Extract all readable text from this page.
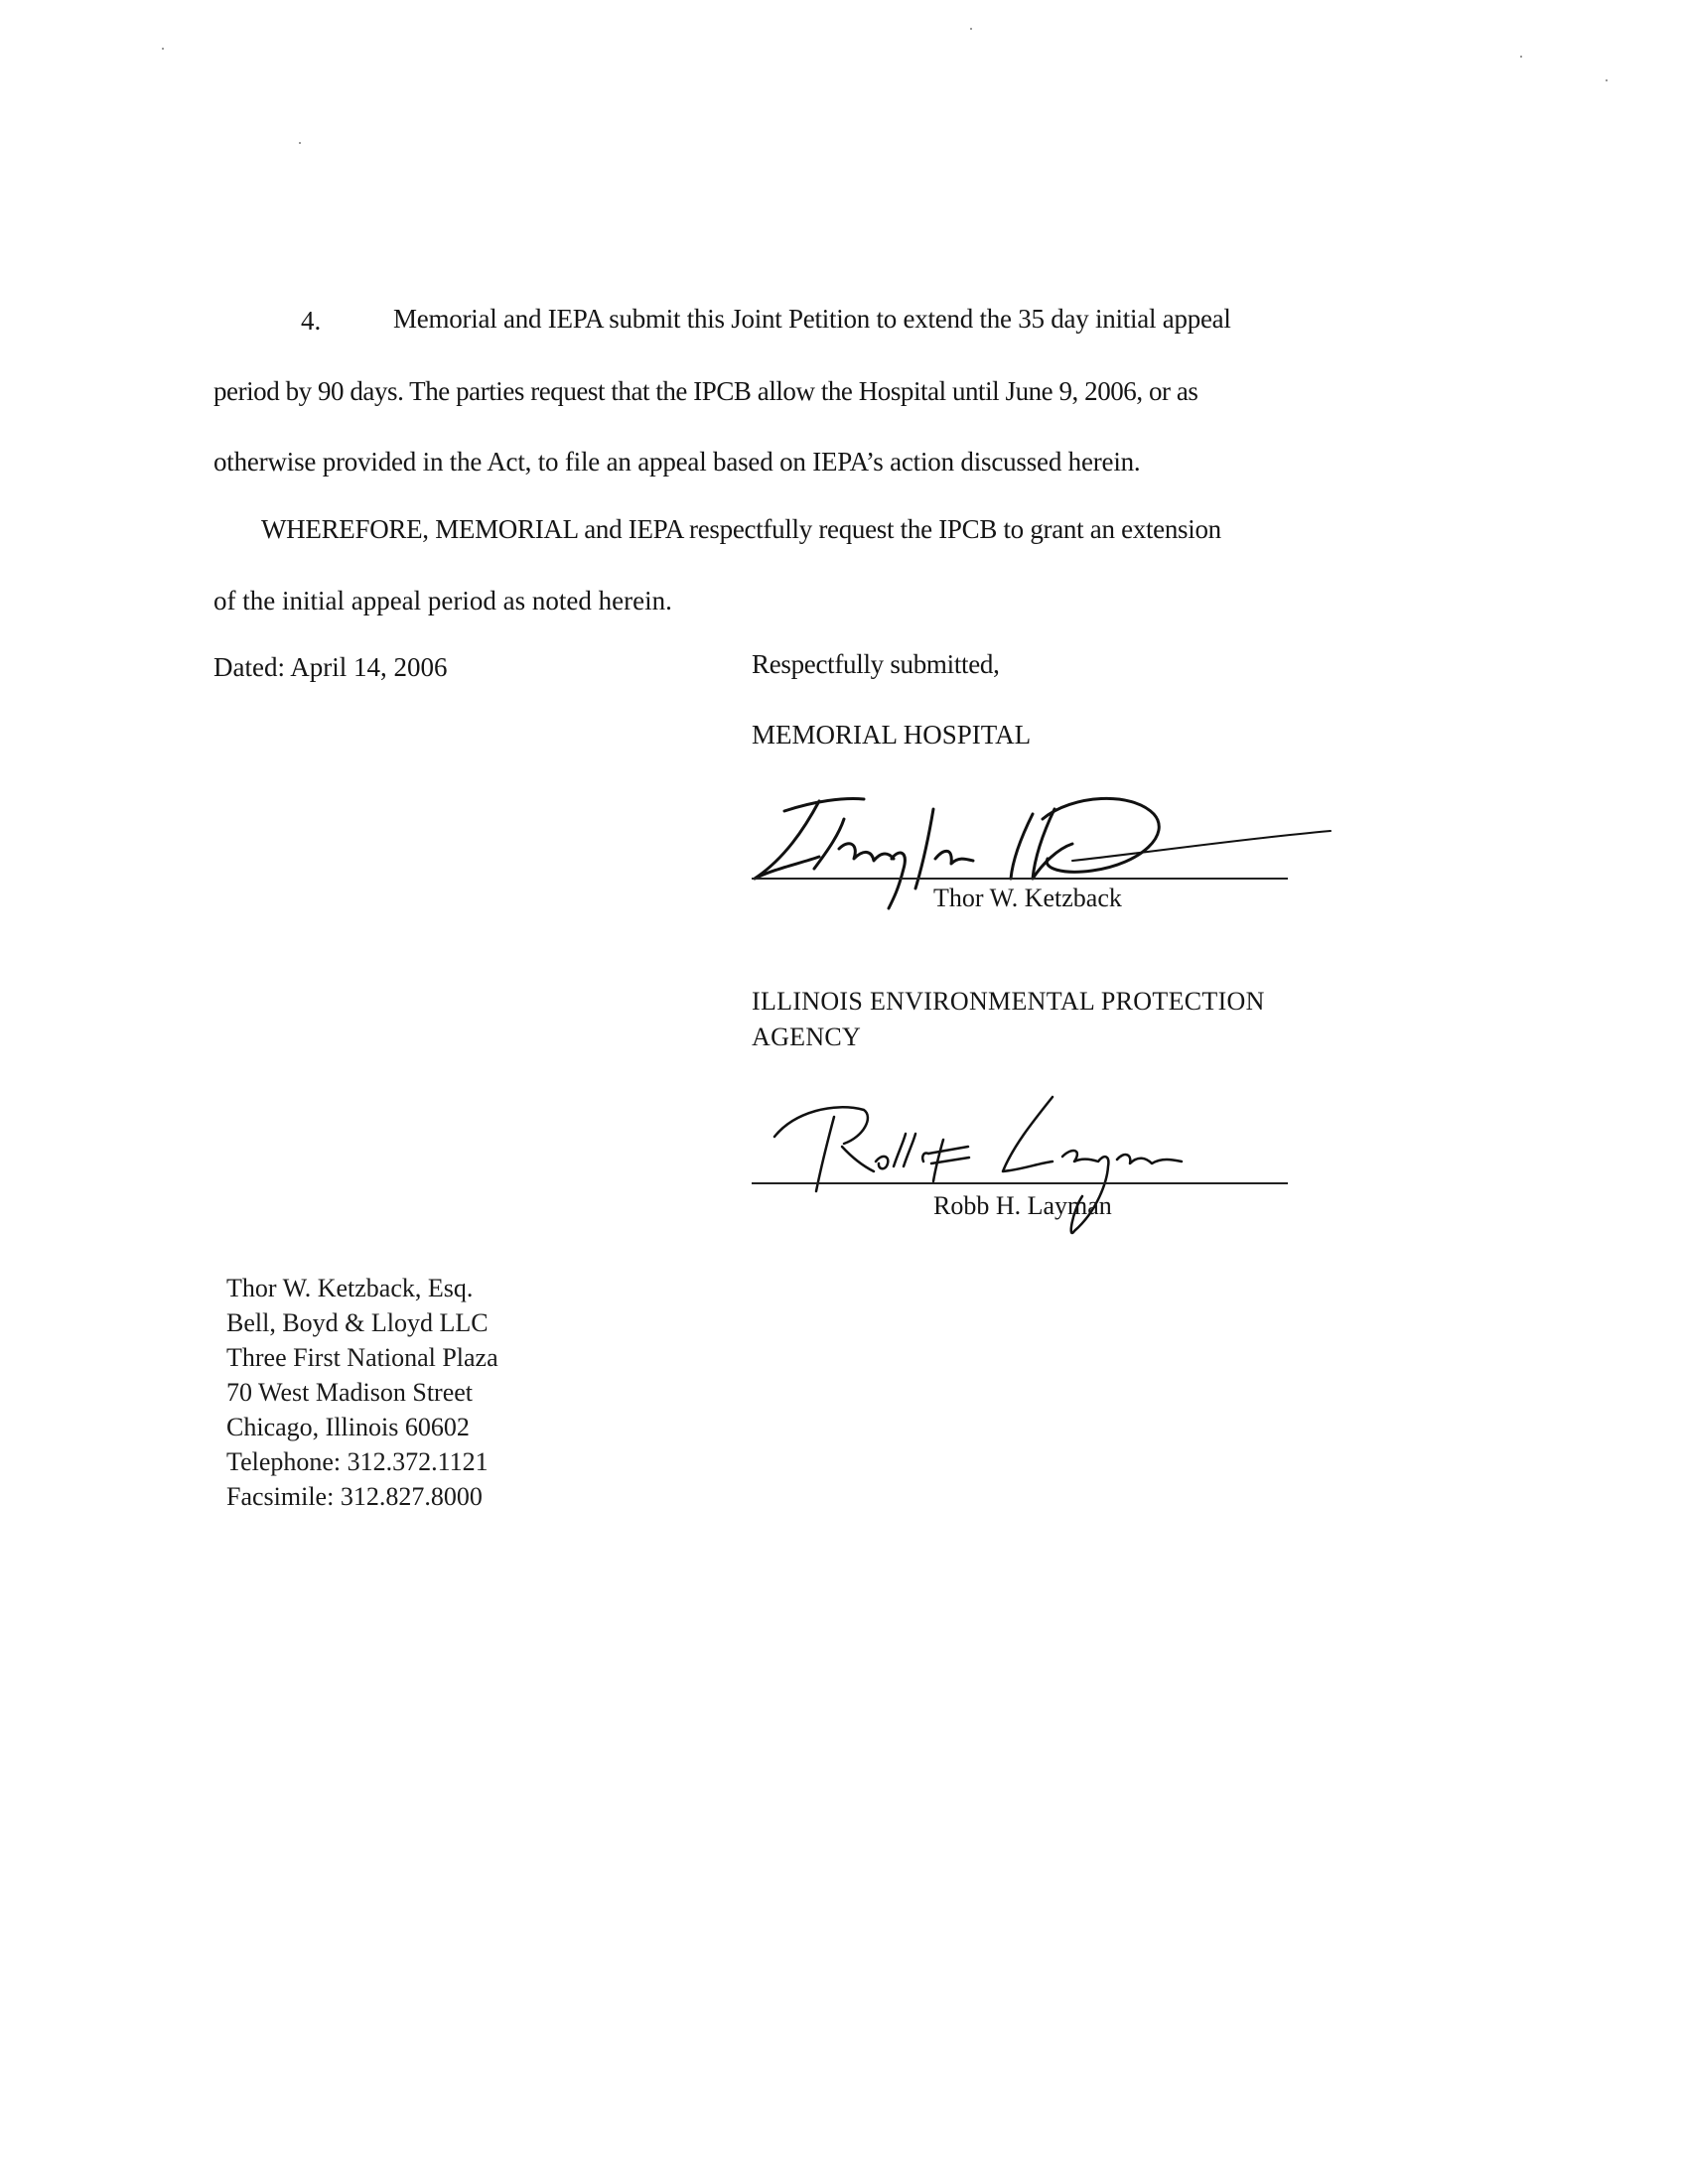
4.	Memorial and IEPA submit this Joint Petition to extend the 35 day initial appeal
period by 90 days. The parties request that the IPCB allow the Hospital until June 9, 2006, or as
otherwise provided in the Act, to file an appeal based on IEPA’s action discussed herein.
WHEREFORE, MEMORIAL and IEPA respectfully request the IPCB to grant an extension
of the initial appeal period as noted herein.
Dated: April 14, 2006	Respectfully submitted,
MEMORIAL HOSPITAL
Thor W. Ketzback
ILLINOIS ENVIRONMENTAL PROTECTION
AGENCY
Robb H. Layman
Thor W. Ketzback, Esq.
Bell, Boyd & Lloyd LLC
Three First National Plaza
70 West Madison Street
Chicago, Illinois 60602
Telephone: 312.372.1121
Facsimile: 312.827.8000
